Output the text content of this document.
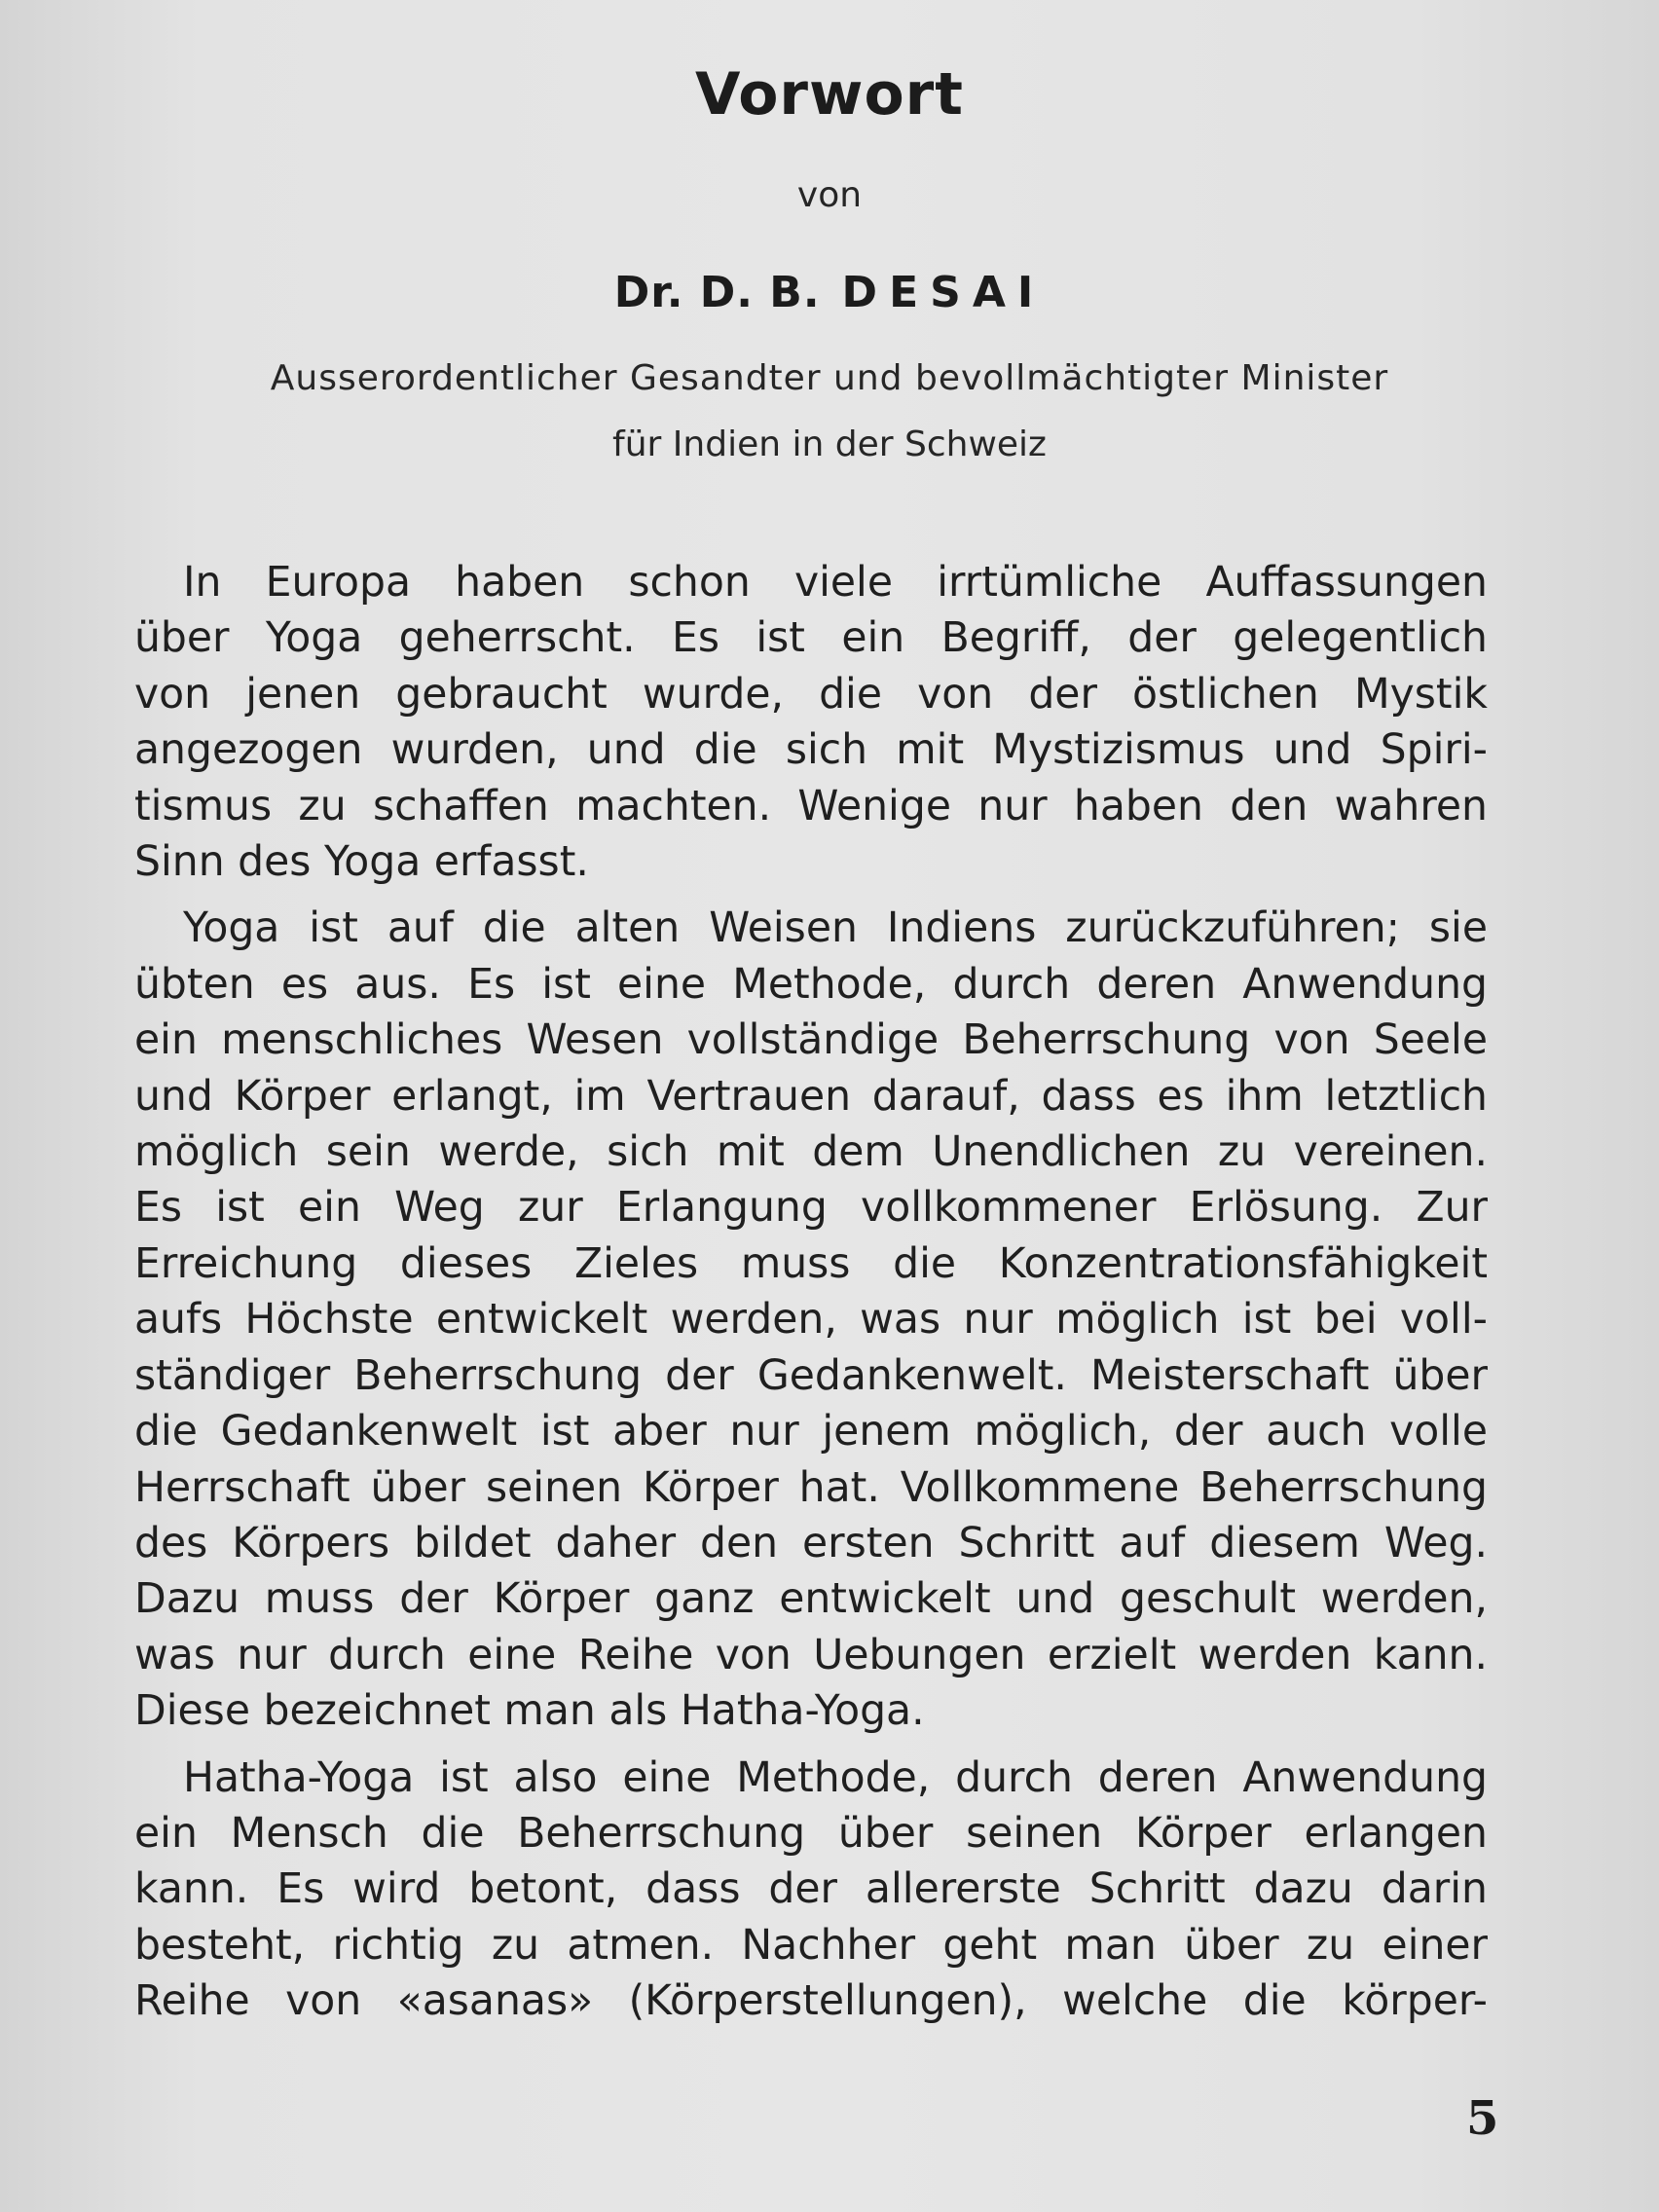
Vorwort
von
Dr. D. B. DESAI
Ausserordentlicher Gesandter und bevollmächtigter Minister
für Indien in der Schweiz

In Europa haben schon viele irrtümliche Auffassungen
über Yoga geherrscht. Es ist ein Begriff, der gelegentlich
von jenen gebraucht wurde, die von der östlichen Mystik
angezogen wurden, und die sich mit Mystizismus und Spiri-
tismus zu schaffen machten. Wenige nur haben den wahren
Sinn des Yoga erfasst.

Yoga ist auf die alten Weisen Indiens zurückzuführen; sie
übten es aus. Es ist eine Methode, durch deren Anwendung
ein menschliches Wesen vollständige Beherrschung von Seele
und Körper erlangt, im Vertrauen darauf, dass es ihm letztlich
möglich sein werde, sich mit dem Unendlichen zu vereinen.
Es ist ein Weg zur Erlangung vollkommener Erlösung. Zur
Erreichung dieses Zieles muss die Konzentrationsfähigkeit
aufs Höchste entwickelt werden, was nur möglich ist bei voll-
ständiger Beherrschung der Gedankenwelt. Meisterschaft über
die Gedankenwelt ist aber nur jenem möglich, der auch volle
Herrschaft über seinen Körper hat. Vollkommene Beherrschung
des Körpers bildet daher den ersten Schritt auf diesem Weg.
Dazu muss der Körper ganz entwickelt und geschult werden,
was nur durch eine Reihe von Uebungen erzielt werden kann.
Diese bezeichnet man als Hatha-Yoga.

Hatha-Yoga ist also eine Methode, durch deren Anwendung
ein Mensch die Beherrschung über seinen Körper erlangen
kann. Es wird betont, dass der allererste Schritt dazu darin
besteht, richtig zu atmen. Nachher geht man über zu einer
Reihe von «asanas» (Körperstellungen), welche die körper-

5
